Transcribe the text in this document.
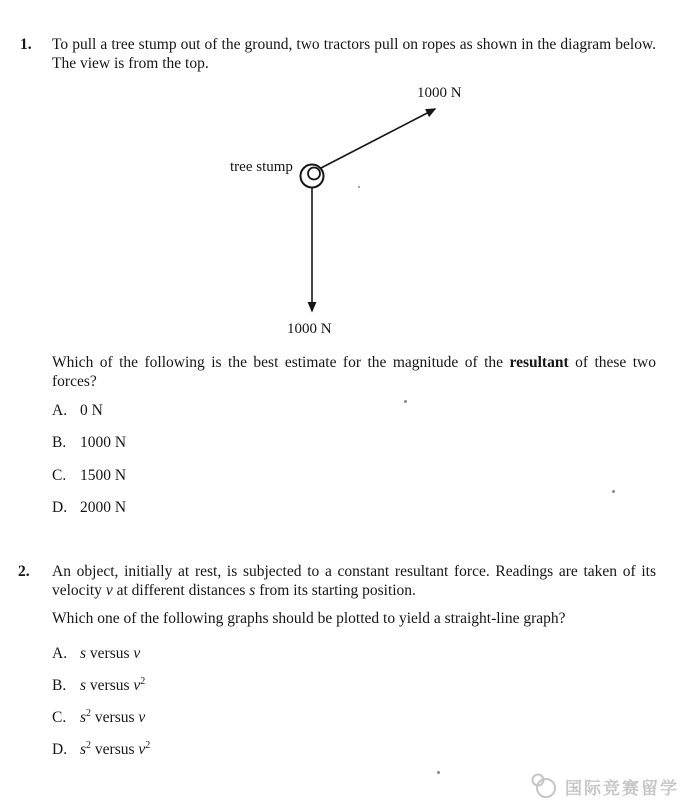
1. To pull a tree stump out of the ground, two tractors pull on ropes as shown in the diagram below. The view is from the top.

1000 N
tree stump
1000 N

Which of the following is the best estimate for the magnitude of the resultant of these two forces?

A. 0 N
B. 1000 N
C. 1500 N
D. 2000 N
2. An object, initially at rest, is subjected to a constant resultant force. Readings are taken of its velocity v at different distances s from its starting position.

Which one of the following graphs should be plotted to yield a straight-line graph?

A. s versus v
B. s versus $v^2$
C. $s^2$ versus v
D. $s^2$ versus $v^2$
国际竞赛留学
